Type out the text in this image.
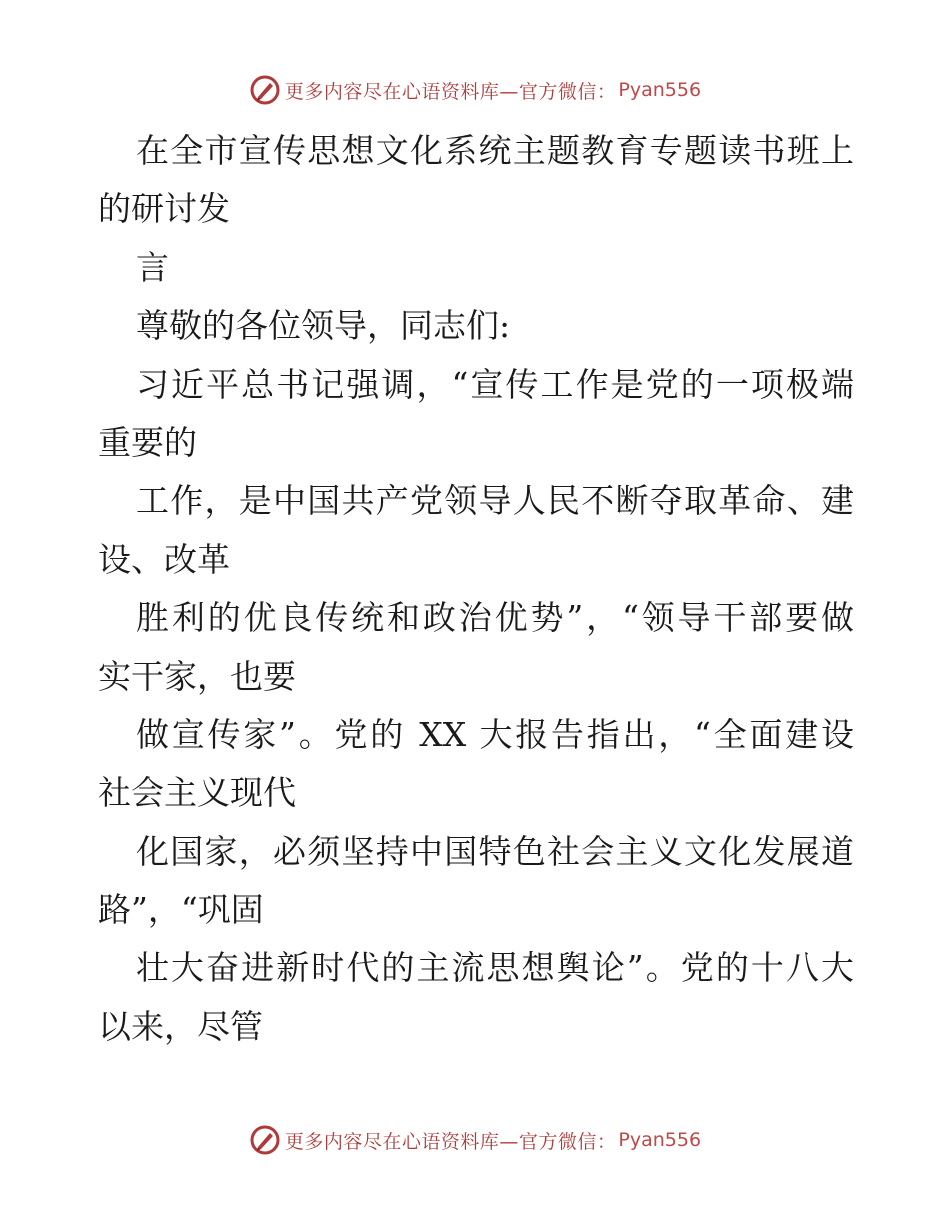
更多内容尽在心语资料库—官方微信： Pyan556
在全市宣传思想文化系统主题教育专题读书班上
的研讨发
言
尊敬的各位领导，同志们:
习近平总书记强调，“宣传工作是党的一项极端
重要的
工作，是中国共产党领导人民不断夺取革命、建
设、改革
胜利的优良传统和政治优势”，“领导干部要做
实干家，也要
做宣传家”。党的 XX 大报告指出，“全面建设
社会主义现代
化国家，必须坚持中国特色社会主义文化发展道
路”，“巩固
壮大奋进新时代的主流思想舆论”。党的十八大
以来，尽管
更多内容尽在心语资料库—官方微信： Pyan556
